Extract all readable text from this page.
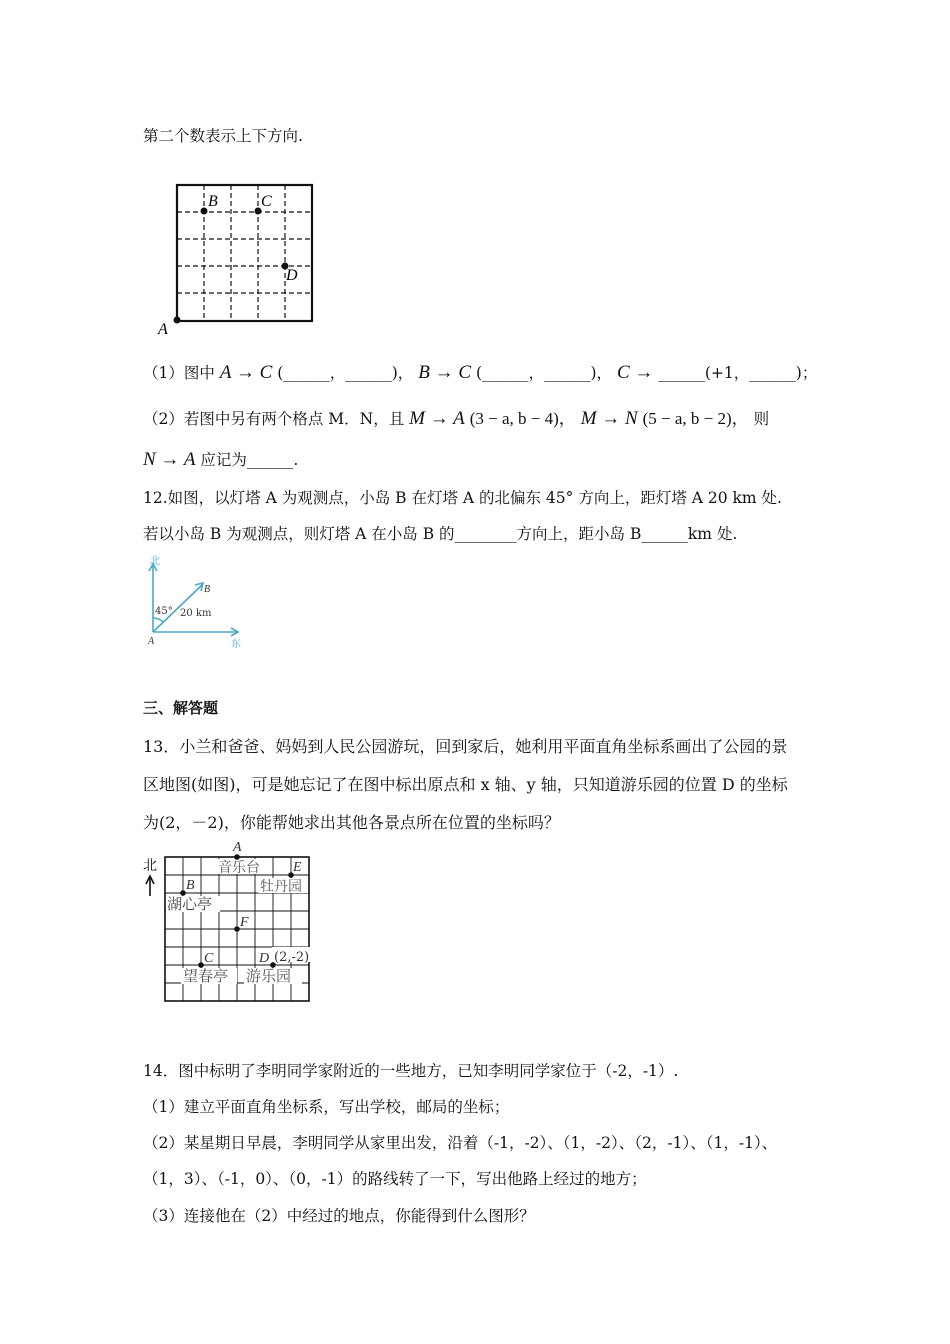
第二个数表示上下方向.
B	C
D
A
（1）图中 A → C (______，______)， B → C (______，______)， C → ______(+1，______)；
（2）若图中另有两个格点 M．N，且 M → A (3 − a, b − 4)， M → N (5 − a, b − 2)， 则
N → A 应记为______.
12.如图，以灯塔 A 为观测点，小岛 B 在灯塔 A 的北偏东 45° 方向上，距灯塔 A 20 km 处.
若以小岛 B 为观测点，则灯塔 A 在小岛 B 的________方向上，距小岛 B______km 处.
北
东
45° 20 km
A
B
三、解答题
13．小兰和爸爸、妈妈到人民公园游玩，回到家后，她利用平面直角坐标系画出了公园的景
区地图(如图)，可是她忘记了在图中标出原点和 x 轴、y 轴，只知道游乐园的位置 D 的坐标
为(2，－2)，你能帮她求出其他各景点所在位置的坐标吗？
北
A
E
B
F
C	D
音乐台
牡丹园
湖心亭
望春亭 游乐园
(2,-2)
14．图中标明了李明同学家附近的一些地方，已知李明同学家位于（-2，-1）.
（1）建立平面直角坐标系，写出学校，邮局的坐标；
（2）某星期日早晨，李明同学从家里出发，沿着（-1，-2）、（1，-2）、（2，-1）、（1，-1）、
（1，3）、（-1，0）、（0，-1）的路线转了一下，写出他路上经过的地方；
（3）连接他在（2）中经过的地点，你能得到什么图形？
